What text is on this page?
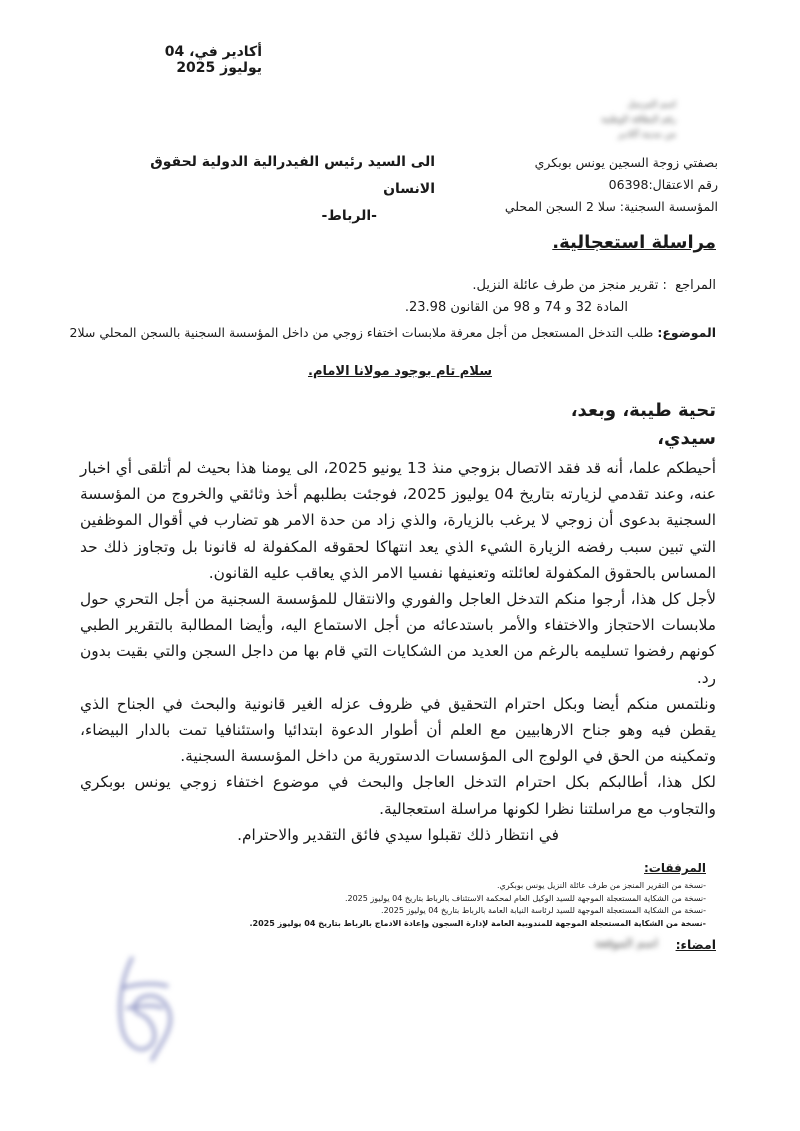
أكادير في، 04 يوليوز 2025
اسم المرسل
رقم البطاقة الوطنية
من مدينة أكادير
بصفتي زوجة السجين يونس بوبكري
رقم الاعتقال:06398
المؤسسة السجنية: سلا 2 السجن المحلي
الى السيد رئيس الفيدرالية الدولية لحقوق الانسان
-الرباط-
مراسلة استعجالية.
المراجع  : تقرير منجز من طرف عائلة النزيل.
المادة 32 و 74 و 98 من القانون 23.98.
الموضوع: طلب التدخل المستعجل من أجل معرفة ملابسات اختفاء زوجي من داخل المؤسسة السجنية بالسجن المحلي سلا2
سلام تام بوجود مولانا الامام.
تحية طيبة، وبعد،
سيدي،

أحيطكم علما، أنه قد فقد الاتصال بزوجي منذ 13 يونيو 2025، الى يومنا هذا بحيث لم أتلقى أي اخبار عنه، وعند تقدمي لزيارته بتاريخ 04 يوليوز 2025، فوجئت بطلبهم أخذ وثائقي والخروج من المؤسسة السجنية بدعوى أن زوجي لا يرغب بالزيارة، والذي زاد من حدة الامر هو تضارب في أقوال الموظفين التي تبين سبب رفضه الزيارة الشيء الذي يعد انتهاكا لحقوقه المكفولة له قانونا بل وتجاوز ذلك حد المساس بالحقوق المكفولة لعائلته وتعنيفها نفسيا الامر الذي يعاقب عليه القانون.

لأجل كل هذا، أرجوا منكم التدخل العاجل والفوري والانتقال للمؤسسة السجنية من أجل التحري حول ملابسات الاحتجاز والاختفاء والأمر باستدعائه من أجل الاستماع اليه، وأيضا المطالبة بالتقرير الطبي كونهم رفضوا تسليمه بالرغم من العديد من الشكايات التي قام بها من داجل السجن والتي بقيت بدون رد.

ونلتمس منكم أيضا وبكل احترام التحقيق في ظروف عزله الغير قانونية والبحث في الجناح الذي يقطن فيه وهو جناح الارهابيين مع العلم أن أطوار الدعوة ابتدائيا واستئنافيا تمت بالدار البيضاء، وتمكينه من الحق في الولوج الى المؤسسات الدستورية من داخل المؤسسة السجنية.

لكل هذا، أطالبكم بكل احترام التدخل العاجل والبحث في موضوع اختفاء زوجي يونس بوبكري والتجاوب مع مراسلتنا نظرا لكونها مراسلة استعجالية.

في انتظار ذلك تقبلوا سيدي فائق التقدير والاحترام.

المرفقات:
-نسخة من التقرير المنجز من طرف عائلة النزيل يونس بوبكري.
-نسخة من الشكاية المستعجلة الموجهة للسيد الوكيل العام لمحكمة الاستئناف بالرباط بتاريخ 04 يوليوز 2025.
-نسخة من الشكاية المستعجلة الموجهة للسيد لرئاسة النيابة العامة بالرباط بتاريخ 04 يوليوز 2025.
-نسخة من الشكاية المستعجلة الموجهة للمندوبية العامة لإدارة السجون وإعادة الادماج بالرباط بتاريخ 04 يوليوز 2025.
امضاء:
اسم الموقعة
